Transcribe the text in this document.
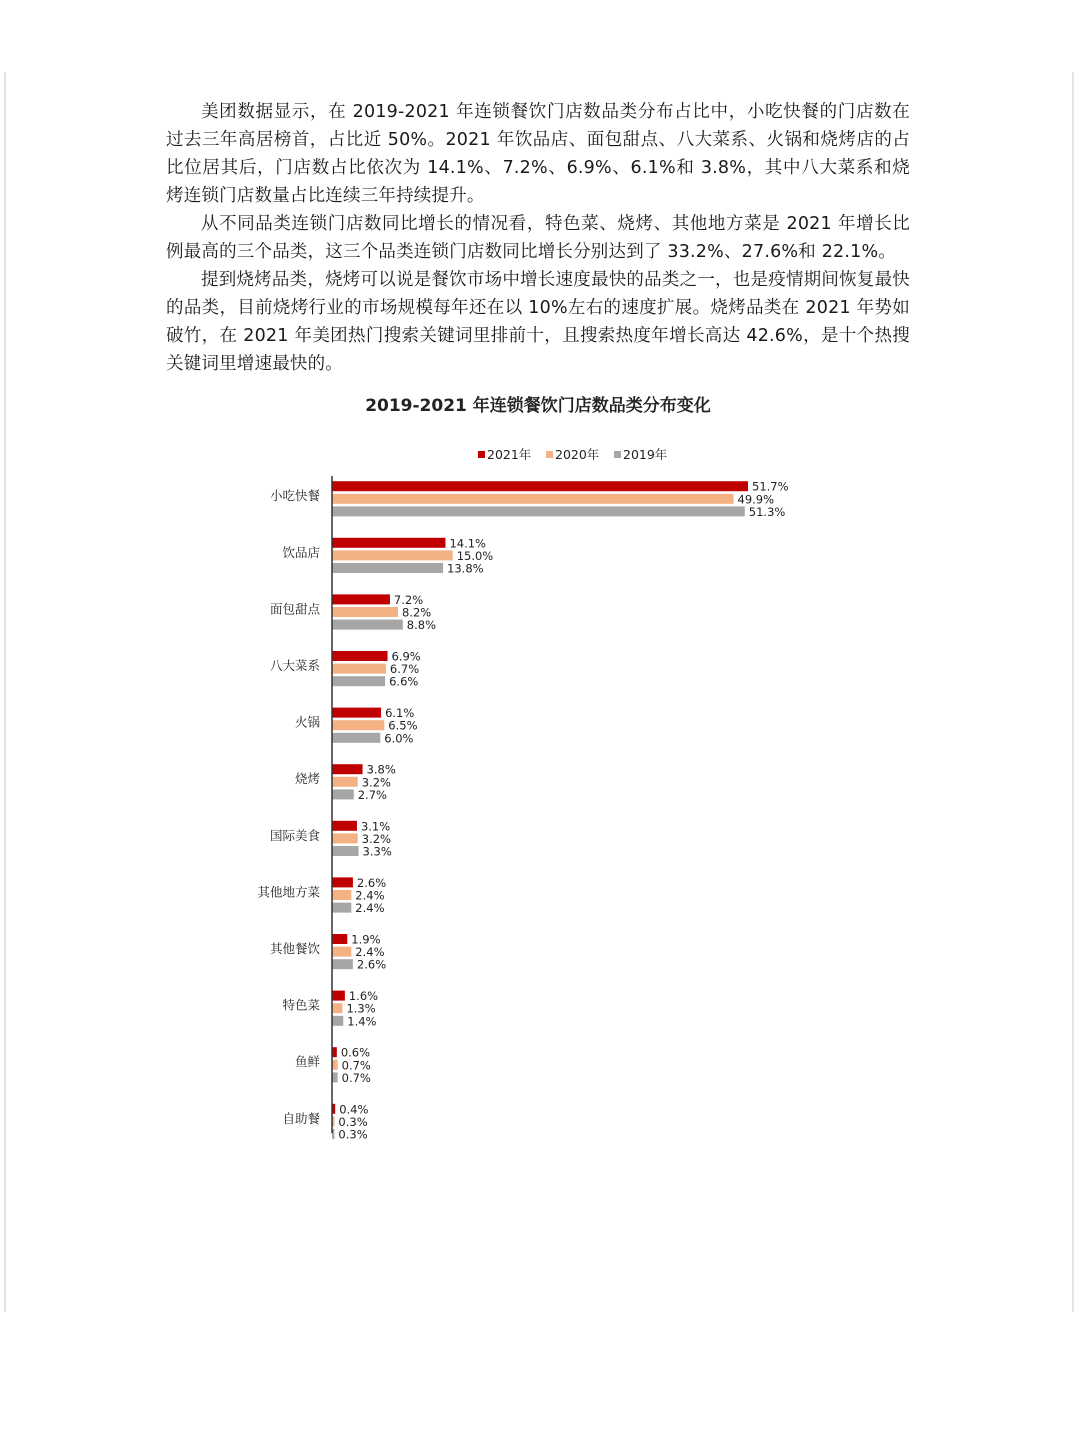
美团数据显示，在 2019-2021 年连锁餐饮门店数品类分布占比中，小吃快餐的门店数在过去三年高居榜首，占比近 50%。2021 年饮品店、面包甜点、八大菜系、火锅和烧烤店的占比位居其后，门店数占比依次为 14.1%、7.2%、6.9%、6.1%和 3.8%，其中八大菜系和烧烤连锁门店数量占比连续三年持续提升。

从不同品类连锁门店数同比增长的情况看，特色菜、烧烤、其他地方菜是 2021 年增长比例最高的三个品类，这三个品类连锁门店数同比增长分别达到了 33.2%、27.6%和 22.1%。

提到烧烤品类，烧烤可以说是餐饮市场中增长速度最快的品类之一，也是疫情期间恢复最快的品类，目前烧烤行业的市场规模每年还在以 10%左右的速度扩展。烧烤品类在 2021 年势如破竹，在 2021 年美团热门搜索关键词里排前十，且搜索热度年增长高达 42.6%，是十个热搜关键词里增速最快的。

2019-2021 年连锁餐饮门店数品类分布变化
2021年 2020年 2019年
小吃快餐
51.7%
49.9%
51.3%
饮品店
14.1%
15.0%
13.8%
面包甜点
7.2%
8.2%
8.8%
八大菜系
6.9%
6.7%
6.6%
火锅
6.1%
6.5%
6.0%
烧烤
3.8%
3.2%
2.7%
国际美食
3.1%
3.2%
3.3%
其他地方菜
2.6%
2.4%
2.4%
其他餐饮
1.9%
2.4%
2.6%
特色菜
1.6%
1.3%
1.4%
鱼鲜
0.6%
0.7%
0.7%
自助餐
0.4%
0.3%
0.3%
